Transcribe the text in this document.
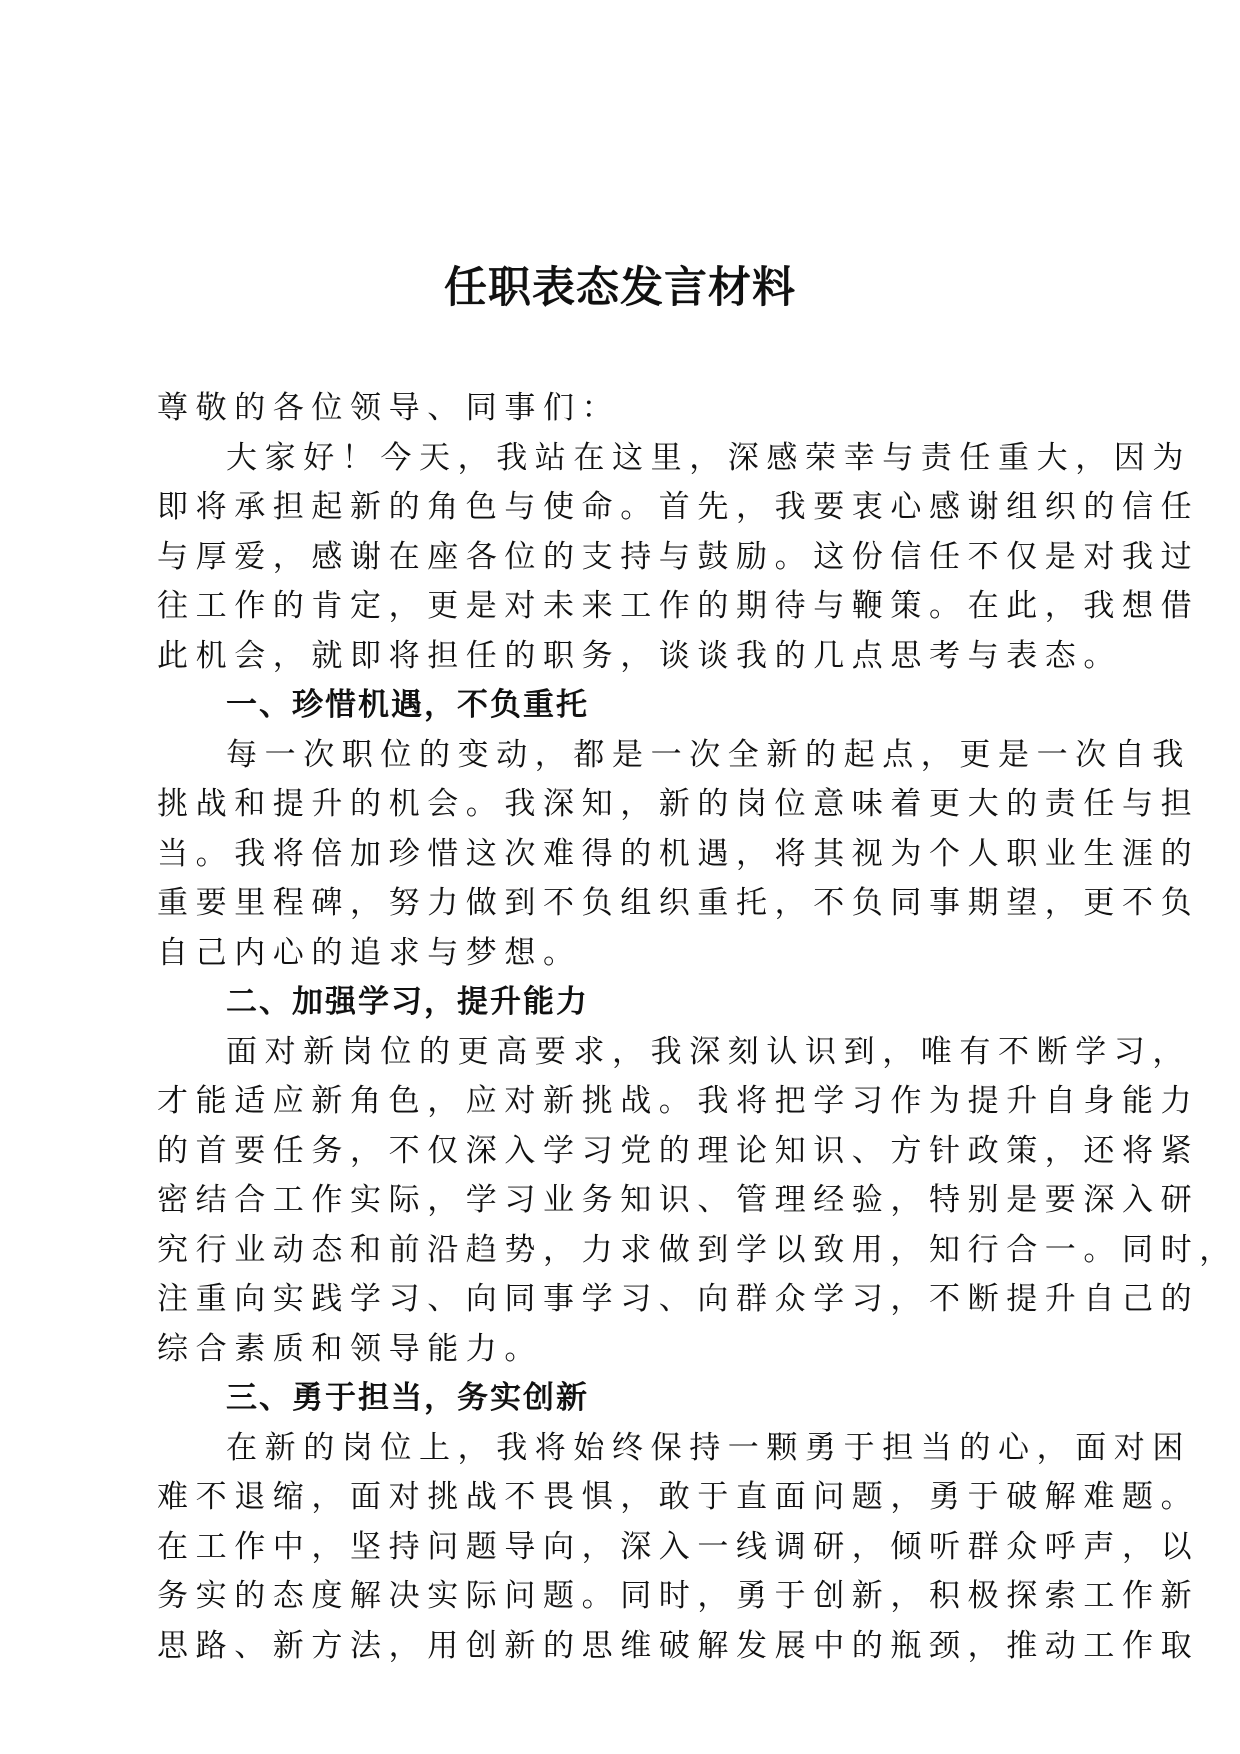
任职表态发言材料
尊敬的各位领导、同事们：
大家好！今天，我站在这里，深感荣幸与责任重大，因为
即将承担起新的角色与使命。首先，我要衷心感谢组织的信任
与厚爱，感谢在座各位的支持与鼓励。这份信任不仅是对我过
往工作的肯定，更是对未来工作的期待与鞭策。在此，我想借
此机会，就即将担任的职务，谈谈我的几点思考与表态。
一、珍惜机遇，不负重托
每一次职位的变动，都是一次全新的起点，更是一次自我
挑战和提升的机会。我深知，新的岗位意味着更大的责任与担
当。我将倍加珍惜这次难得的机遇，将其视为个人职业生涯的
重要里程碑，努力做到不负组织重托，不负同事期望，更不负
自己内心的追求与梦想。
二、加强学习，提升能力
面对新岗位的更高要求，我深刻认识到，唯有不断学习，
才能适应新角色，应对新挑战。我将把学习作为提升自身能力
的首要任务，不仅深入学习党的理论知识、方针政策，还将紧
密结合工作实际，学习业务知识、管理经验，特别是要深入研
究行业动态和前沿趋势，力求做到学以致用，知行合一。同时，
注重向实践学习、向同事学习、向群众学习，不断提升自己的
综合素质和领导能力。
三、勇于担当，务实创新
在新的岗位上，我将始终保持一颗勇于担当的心，面对困
难不退缩，面对挑战不畏惧，敢于直面问题，勇于破解难题。
在工作中，坚持问题导向，深入一线调研，倾听群众呼声，以
务实的态度解决实际问题。同时，勇于创新，积极探索工作新
思路、新方法，用创新的思维破解发展中的瓶颈，推动工作取
